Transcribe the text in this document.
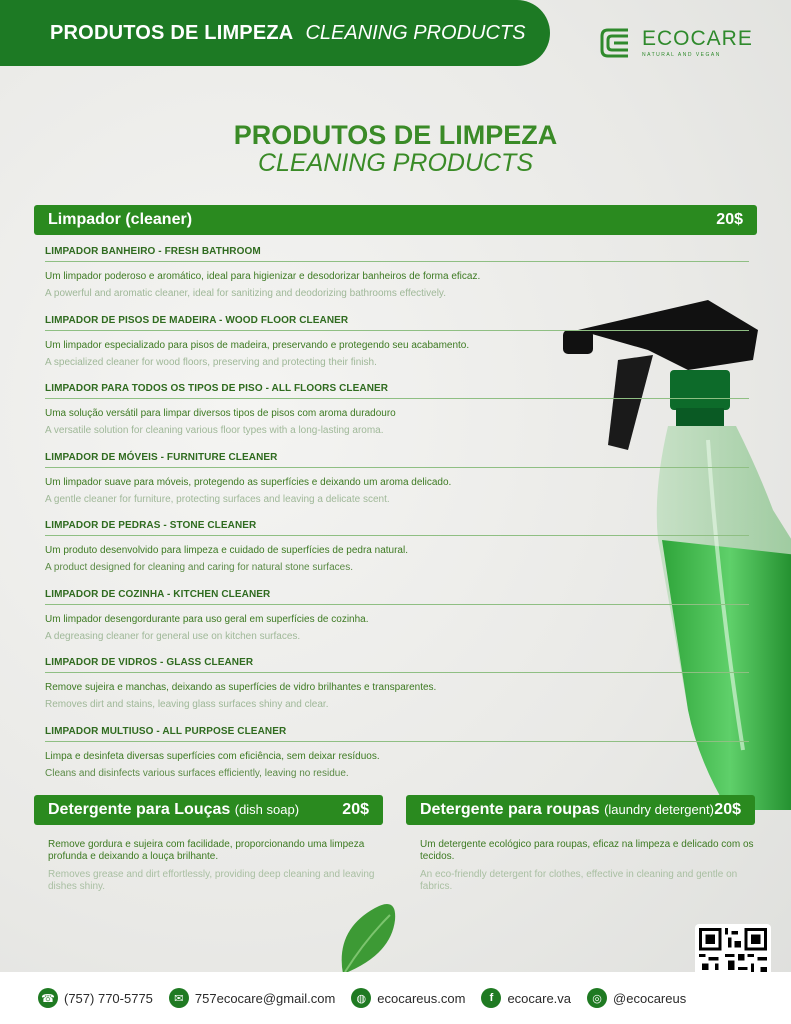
PRODUTOS DE LIMPEZA CLEANING PRODUCTS	ECOCARE
NATURAL AND VEGAN
PRODUTOS DE LIMPEZA
CLEANING PRODUCTS
Limpador (cleaner)	20$
LIMPADOR BANHEIRO - FRESH BATHROOM
Um limpador poderoso e aromático, ideal para higienizar e desodorizar banheiros de forma eficaz.
A powerful and aromatic cleaner, ideal for sanitizing and deodorizing bathrooms effectively.
LIMPADOR DE PISOS DE MADEIRA - WOOD FLOOR CLEANER
Um limpador especializado para pisos de madeira, preservando e protegendo seu acabamento.
A specialized cleaner for wood floors, preserving and protecting their finish.
LIMPADOR PARA TODOS OS TIPOS DE PISO - ALL FLOORS CLEANER
Uma solução versátil para limpar diversos tipos de pisos com aroma duradouro
A versatile solution for cleaning various floor types with a long-lasting aroma.
LIMPADOR DE MÓVEIS - FURNITURE CLEANER
Um limpador suave para móveis, protegendo as superfícies e deixando um aroma delicado.
A gentle cleaner for furniture, protecting surfaces and leaving a delicate scent.
LIMPADOR DE PEDRAS - STONE CLEANER
Um produto desenvolvido para limpeza e cuidado de superfícies de pedra natural.
A product designed for cleaning and caring for natural stone surfaces.
LIMPADOR DE COZINHA - KITCHEN CLEANER
Um limpador desengordurante para uso geral em superfícies de cozinha.
A degreasing cleaner for general use on kitchen surfaces.
LIMPADOR DE VIDROS - GLASS CLEANER
Remove sujeira e manchas, deixando as superfícies de vidro brilhantes e transparentes.
Removes dirt and stains, leaving glass surfaces shiny and clear.
LIMPADOR MULTIUSO - ALL PURPOSE CLEANER
Limpa e desinfeta diversas superfícies com eficiência, sem deixar resíduos.
Cleans and disinfects various surfaces efficiently, leaving no residue.
Detergente para Louças (dish soap)	20$
Remove gordura e sujeira com facilidade, proporcionando uma limpeza profunda e deixando a louça brilhante.
Removes grease and dirt effortlessly, providing deep cleaning and leaving dishes shiny.
Detergente para roupas (laundry detergent) 20$
Um detergente ecológico para roupas, eficaz na limpeza e delicado com os tecidos.
An eco-friendly detergent for clothes, effective in cleaning and gentle on fabrics.
☎ (757) 770-5775	✉ 757ecocare@gmail.com	◍ ecocareus.com	f	ecocare.va	◎ @ecocareus
